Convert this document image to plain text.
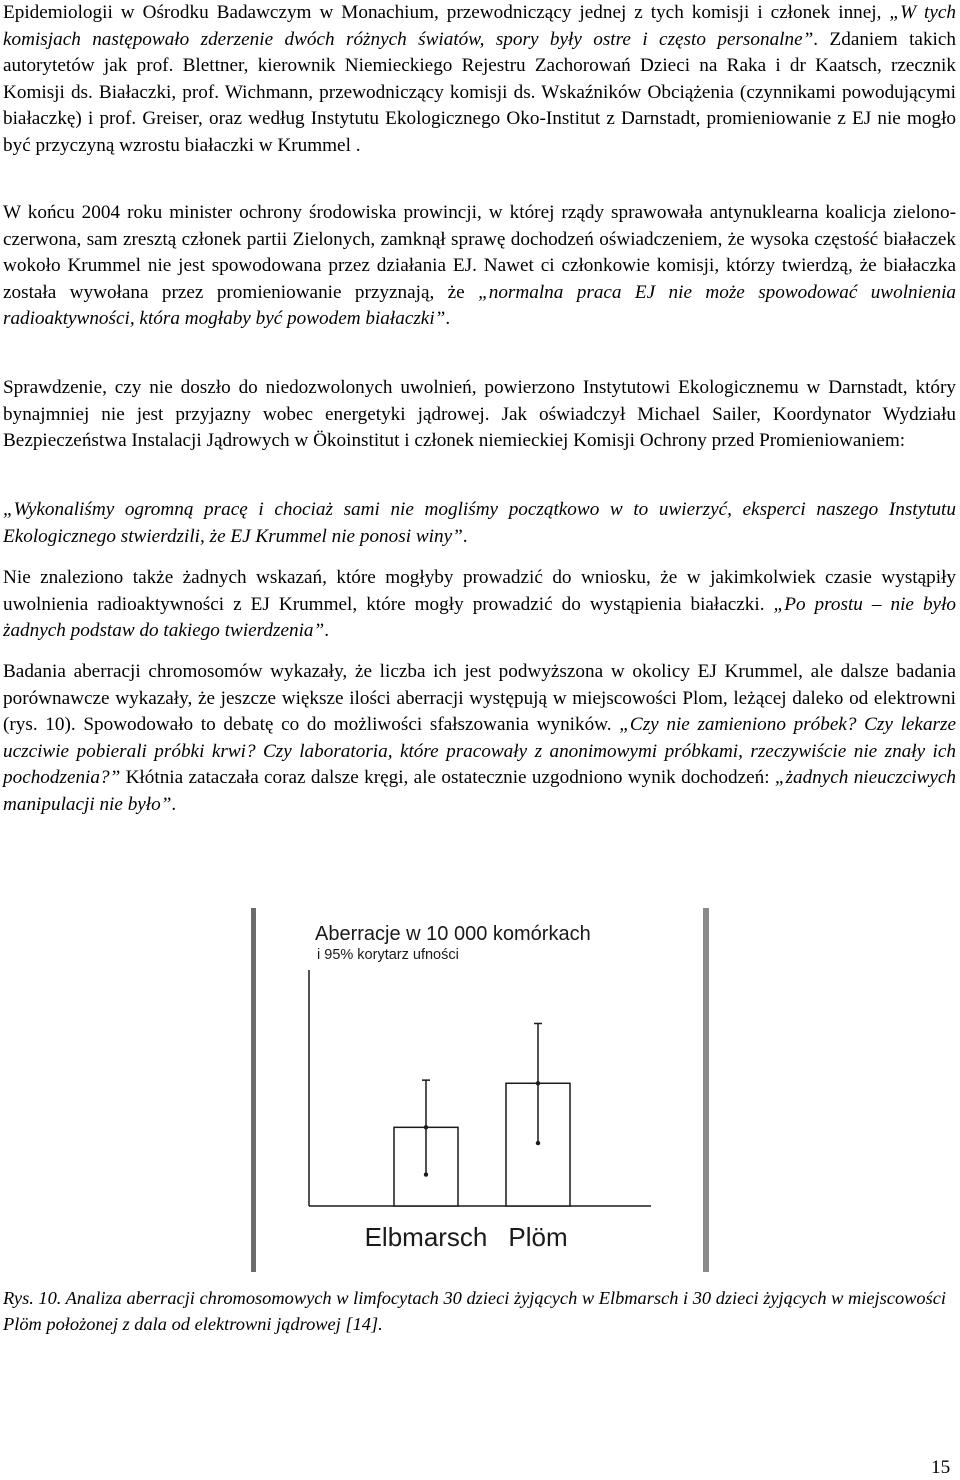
Epidemiologii w Ośrodku Badawczym w Monachium, przewodniczący jednej z tych komisji i członek innej, „W tych komisjach następowało zderzenie dwóch różnych światów, spory były ostre i często personalne”. Zdaniem takich autorytetów jak prof. Blettner, kierownik Niemieckiego Rejestru Zachorowań Dzieci na Raka i dr Kaatsch, rzecznik Komisji ds. Białaczki, prof. Wichmann, przewodniczący komisji ds. Wskaźników Obciążenia (czynnikami powodującymi białaczkę) i prof. Greiser, oraz według Instytutu Ekologicznego Oko-Institut z Darnstadt, promieniowanie z EJ nie mogło być przyczyną wzrostu białaczki w Krummel .

W końcu 2004 roku minister ochrony środowiska prowincji, w której rządy sprawowała antynuklearna koalicja zielono-czerwona, sam zresztą członek partii Zielonych, zamknął sprawę dochodzeń oświadczeniem, że wysoka częstość białaczek wokoło Krummel nie jest spowodowana przez działania EJ. Nawet ci członkowie komisji, którzy twierdzą, że białaczka została wywołana przez promieniowanie przyznają, że „normalna praca EJ nie może spowodować uwolnienia radioaktywności, która mogłaby być powodem białaczki”.

Sprawdzenie, czy nie doszło do niedozwolonych uwolnień, powierzono Instytutowi Ekologicznemu w Darnstadt, który bynajmniej nie jest przyjazny wobec energetyki jądrowej. Jak oświadczył Michael Sailer, Koordynator Wydziału Bezpieczeństwa Instalacji Jądrowych w Ökoinstitut i członek niemieckiej Komisji Ochrony przed Promieniowaniem:

„Wykonaliśmy ogromną pracę i chociaż sami nie mogliśmy początkowo w to uwierzyć, eksperci naszego Instytutu Ekologicznego stwierdzili, że EJ Krummel nie ponosi winy”.

Nie znaleziono także żadnych wskazań, które mogłyby prowadzić do wniosku, że w jakimkolwiek czasie wystąpiły uwolnienia radioaktywności z EJ Krummel, które mogły prowadzić do wystąpienia białaczki. „Po prostu – nie było żadnych podstaw do takiego twierdzenia”.

Badania aberracji chromosomów wykazały, że liczba ich jest podwyższona w okolicy EJ Krummel, ale dalsze badania porównawcze wykazały, że jeszcze większe ilości aberracji występują w miejscowości Plom, leżącej daleko od elektrowni (rys. 10). Spowodowało to debatę co do możliwości sfałszowania wyników. „Czy nie zamieniono próbek? Czy lekarze uczciwie pobierali próbki krwi? Czy laboratoria, które pracowały z anonimowymi próbkami, rzeczywiście nie znały ich pochodzenia?” Kłótnia zataczała coraz dalsze kręgi, ale ostatecznie uzgodniono wynik dochodzeń: „żadnych nieuczciwych manipulacji nie było”.

Aberracje w 10 000 komórkach
i 95% korytarz ufności
Elbmarsch Plöm

Rys. 10. Analiza aberracji chromosomowych w limfocytach 30 dzieci żyjących w Elbmarsch i 30 dzieci żyjących w miejscowości Plöm położonej z dala od elektrowni jądrowej [14].

15
